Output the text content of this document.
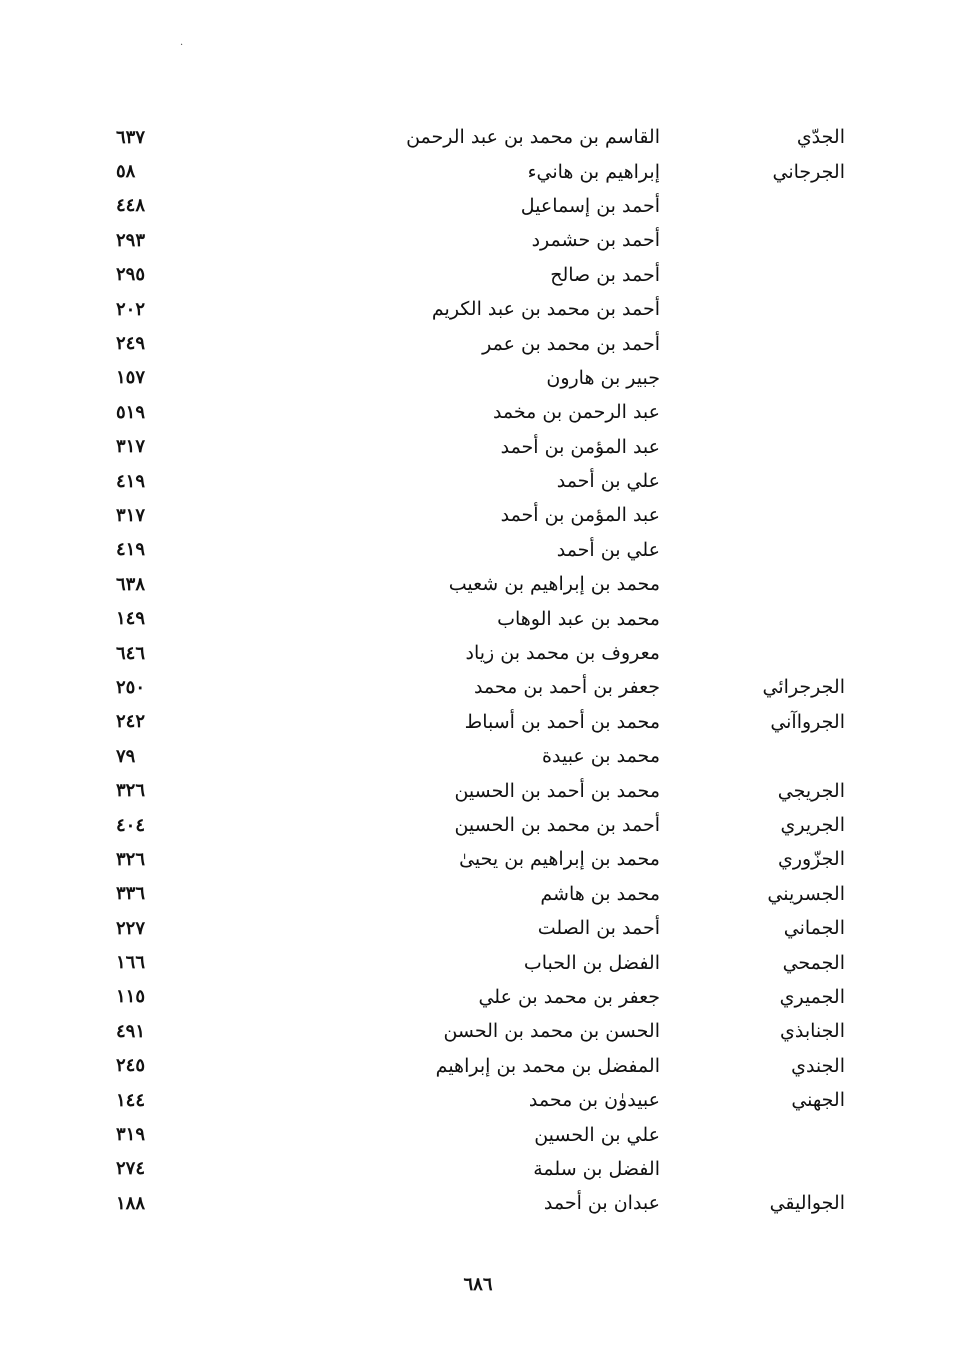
·
الجدّي
القاسم بن محمد بن عبد الرحمن
٦٣٧
الجرجاني
إبراهيم بن هانيء
٥٨
أحمد بن إسماعيل
٤٤٨
أحمد بن حشمرد
٢٩٣
أحمد بن صالح
٢٩٥
أحمد بن محمد بن عبد الكريم
٢٠٢
أحمد بن محمد بن عمر
٢٤٩
جبير بن هارون
١٥٧
عبد الرحمن بن مخمد
٥١٩
عبد المؤمن بن أحمد
٣١٧
علي بن أحمد
٤١٩
عبد المؤمن بن أحمد
٣١٧
علي بن أحمد
٤١٩
محمد بن إبراهيم بن شعيب
٦٣٨
محمد بن عبد الوهاب
١٤٩
معروف بن محمد بن زياد
٦٤٦
الجرجرائي
جعفر بن أحمد بن محمد
٢٥٠
الجرواآني
محمد بن أحمد بن أسباط
٢٤٢
محمد بن عبيدة
٧٩
الجريجي
محمد بن أحمد بن الحسين
٣٢٦
الجريري
أحمد بن محمد بن الحسين
٤٠٤
الجزّوري
محمد بن إبراهيم بن يحيىٰ
٣٢٦
الجسريني
محمد بن هاشم
٣٣٦
الجماني
أحمد بن الصلت
٢٢٧
الجمحي
الفضل بن الحباب
١٦٦
الجميري
جعفر بن محمد بن علي
١١٥
الجنابذي
الحسن بن محمد بن الحسن
٤٩١
الجندي
المفضل بن محمد بن إبراهيم
٢٤٥
الجهني
عبيدوٰن بن محمد
١٤٤
علي بن الحسين
٣١٩
الفضل بن سلمة
٢٧٤
الجواليقي
عبدان بن أحمد
١٨٨
٦٨٦
